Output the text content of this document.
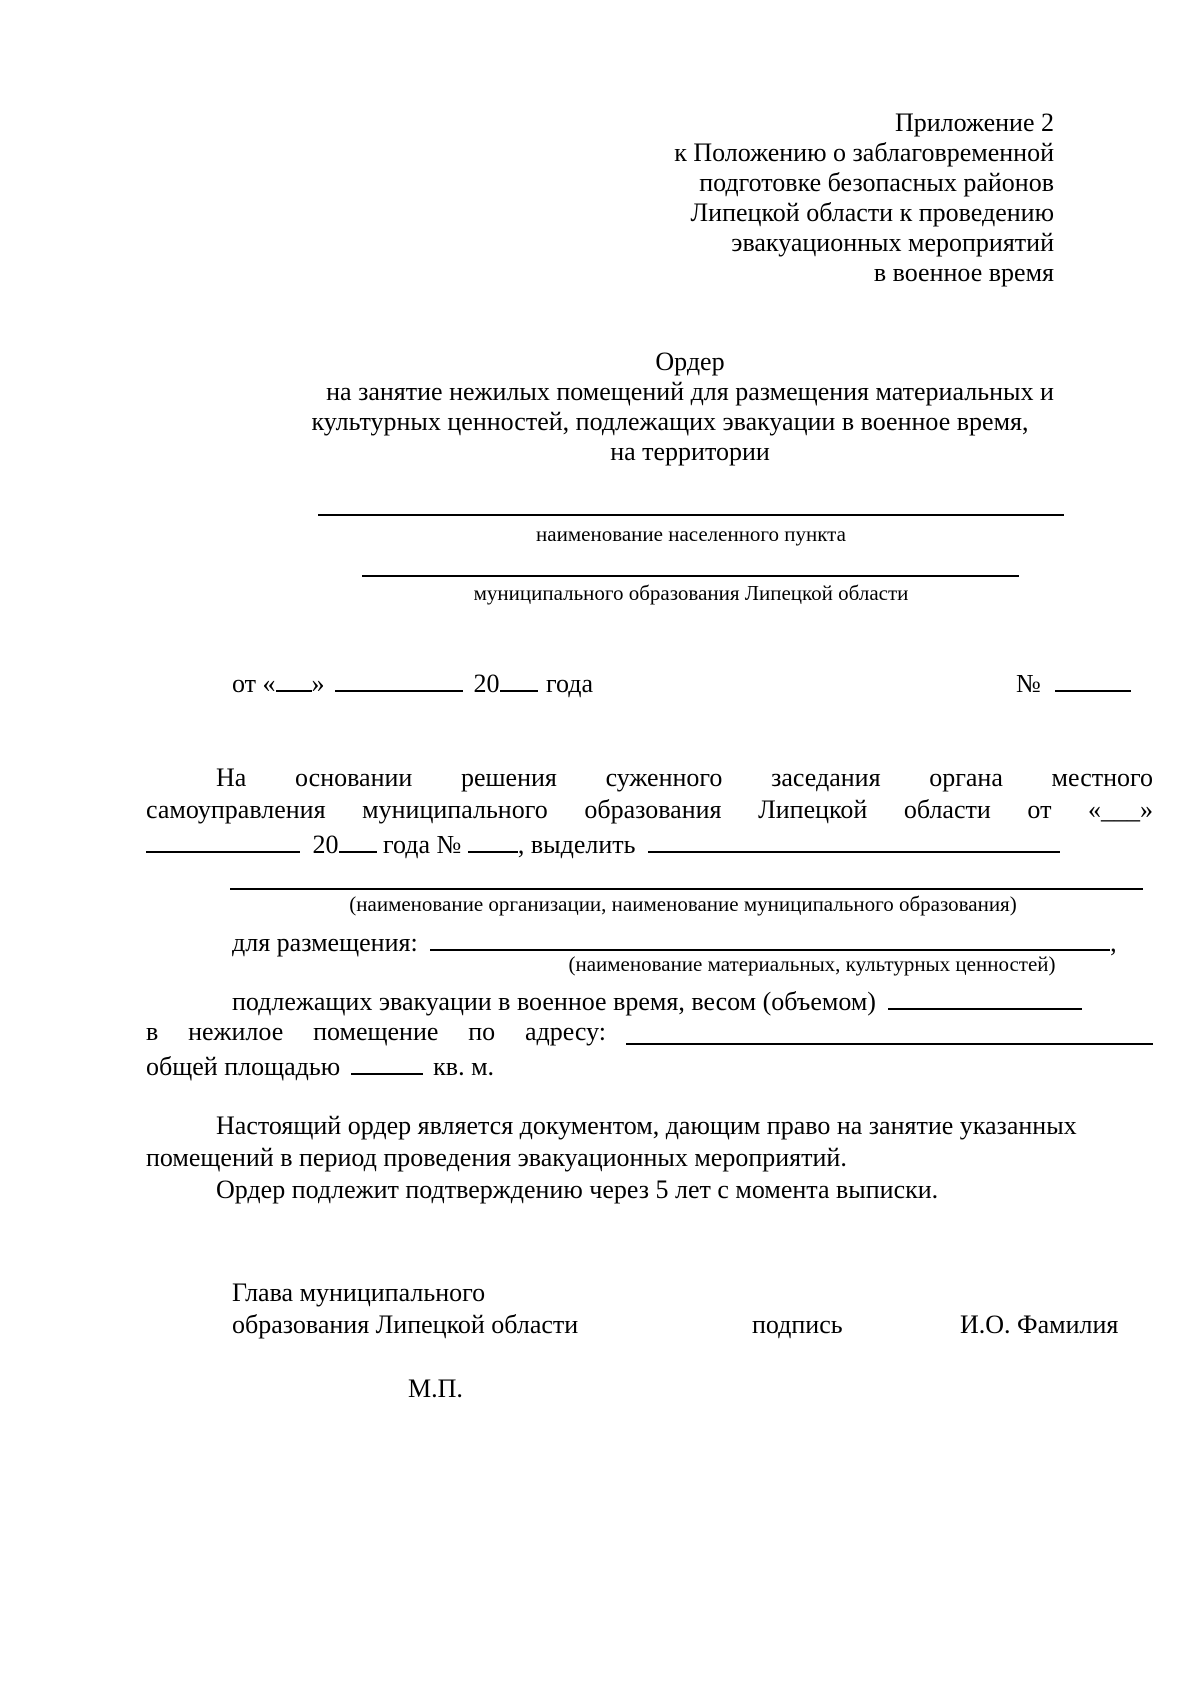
Приложение 2
к Положению о заблаговременной
подготовке безопасных районов
Липецкой области к проведению
эвакуационных мероприятий
в военное время
Ордер
на занятие нежилых помещений для размещения материальных и
культурных ценностей, подлежащих эвакуации в военное время,
на территории
наименование населенного пункта
муниципального образования Липецкой области
от « »	20 года	№
На основании решения суженного заседания органа местного
самоуправления муниципального образования Липецкой области от «___»
20 года № , выделить
(наименование организации, наименование муниципального образования)
для размещения:	,
(наименование материальных, культурных ценностей)
подлежащих эвакуации в военное время, весом (объемом)
в нежилое помещение по адресу:
общей площадью	кв. м.
Настоящий ордер является документом, дающим право на занятие указанных
помещений в период проведения эвакуационных мероприятий.
Ордер подлежит подтверждению через 5 лет с момента выписки.
Глава муниципального
образования Липецкой области	подпись	И.О. Фамилия
М.П.
